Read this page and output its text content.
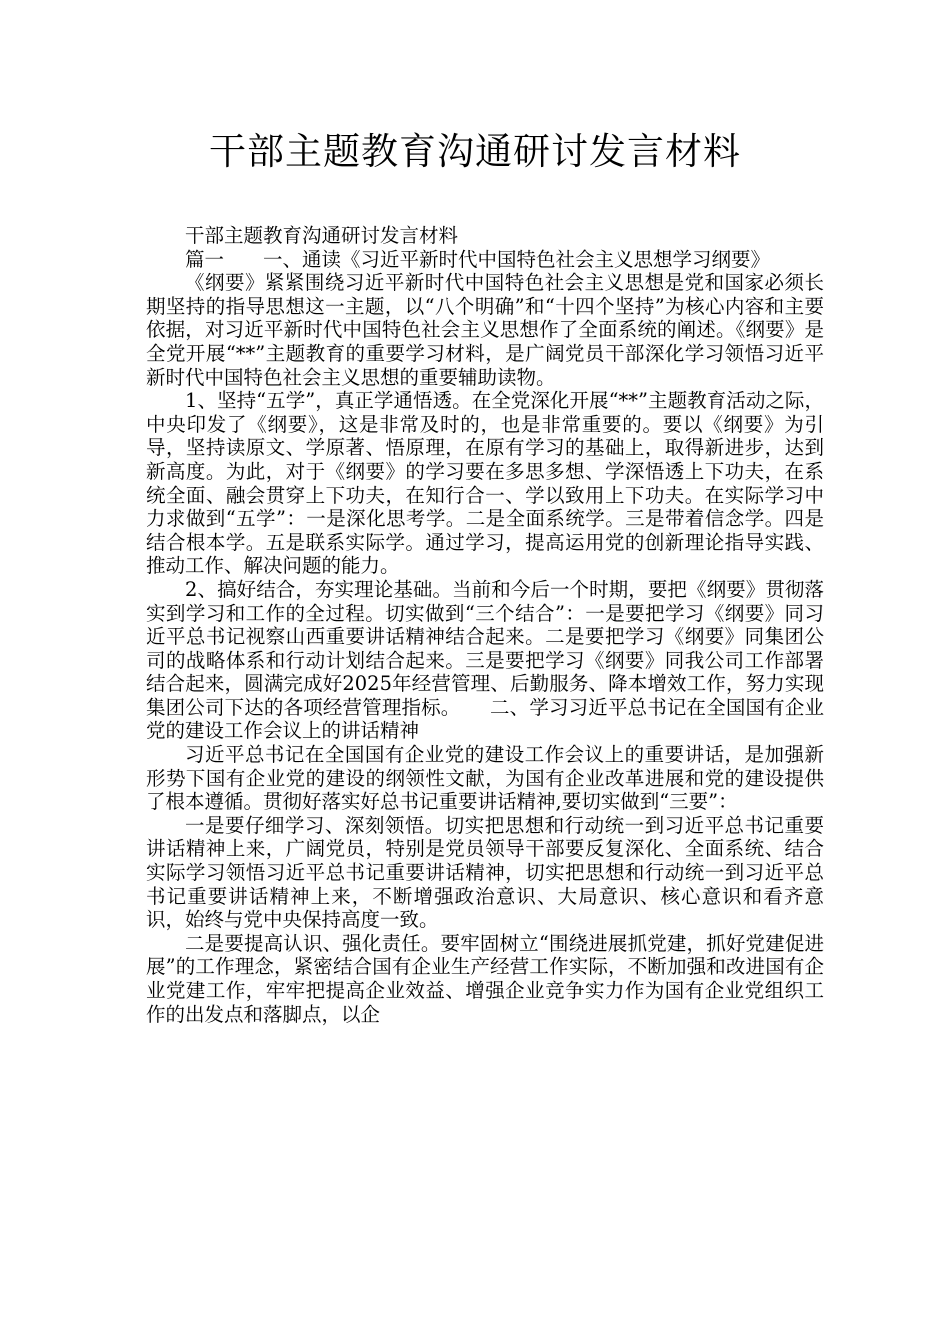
干部主题教育沟通研讨发言材料

干部主题教育沟通研讨发言材料

篇一　　一、通读《习近平新时代中国特色社会主义思想学习纲要》

《纲要》紧紧围绕习近平新时代中国特色社会主义思想是党和国家必须长期坚持的指导思想这一主题，以“八个明确”和“十四个坚持”为核心内容和主要依据，对习近平新时代中国特色社会主义思想作了全面系统的阐述。《纲要》是全党开展“**”主题教育的重要学习材料，是广阔党员干部深化学习领悟习近平新时代中国特色社会主义思想的重要辅助读物。

1、坚持“五学”，真正学通悟透。在全党深化开展“**”主题教育活动之际，中央印发了《纲要》，这是非常及时的，也是非常重要的。要以《纲要》为引导，坚持读原文、学原著、悟原理，在原有学习的基础上，取得新进步，达到新高度。为此，对于《纲要》的学习要在多思多想、学深悟透上下功夫，在系统全面、融会贯穿上下功夫，在知行合一、学以致用上下功夫。在实际学习中力求做到“五学”：一是深化思考学。二是全面系统学。三是带着信念学。四是结合根本学。五是联系实际学。通过学习，提高运用党的创新理论指导实践、推动工作、解决问题的能力。

2、搞好结合，夯实理论基础。当前和今后一个时期，要把《纲要》贯彻落实到学习和工作的全过程。切实做到“三个结合”：一是要把学习《纲要》同习近平总书记视察山西重要讲话精神结合起来。二是要把学习《纲要》同集团公司的战略体系和行动计划结合起来。三是要把学习《纲要》同我公司工作部署结合起来，圆满完成好2025年经营管理、后勤服务、降本增效工作，努力实现集团公司下达的各项经营管理指标。　　二、学习习近平总书记在全国国有企业党的建设工作会议上的讲话精神

习近平总书记在全国国有企业党的建设工作会议上的重要讲话，是加强新形势下国有企业党的建设的纲领性文献，为国有企业改革进展和党的建设提供了根本遵循。贯彻好落实好总书记重要讲话精神,要切实做到“三要”：

一是要仔细学习、深刻领悟。切实把思想和行动统一到习近平总书记重要讲话精神上来，广阔党员，特别是党员领导干部要反复深化、全面系统、结合实际学习领悟习近平总书记重要讲话精神，切实把思想和行动统一到习近平总书记重要讲话精神上来，不断增强政治意识、大局意识、核心意识和看齐意识，始终与党中央保持高度一致。

二是要提高认识、强化责任。要牢固树立“围绕进展抓党建，抓好党建促进展”的工作理念，紧密结合国有企业生产经营工作实际，不断加强和改进国有企业党建工作，牢牢把提高企业效益、增强企业竞争实力作为国有企业党组织工作的出发点和落脚点，以企
